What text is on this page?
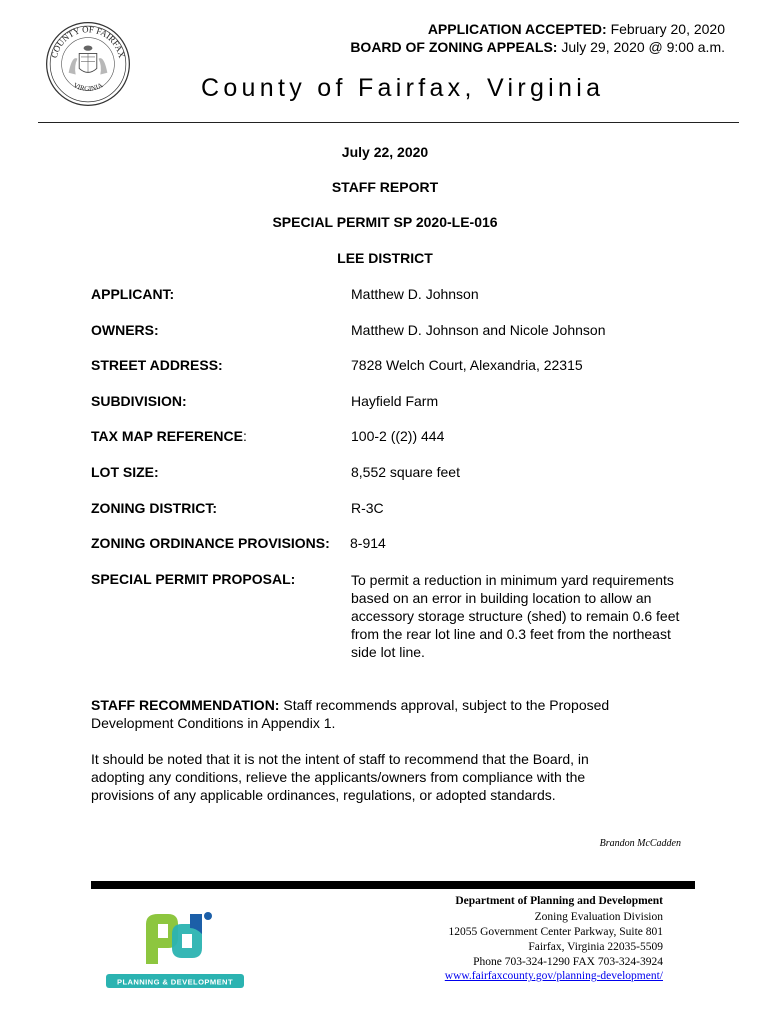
COUNTY OF FAIRFAX
VIRGINIA
APPLICATION ACCEPTED: February 20, 2020
BOARD OF ZONING APPEALS: July 29, 2020 @ 9:00 a.m.
County of Fairfax, Virginia
July 22, 2020
STAFF REPORT
SPECIAL PERMIT SP 2020-LE-016
LEE DISTRICT
APPLICANT:	Matthew D. Johnson
OWNERS:	Matthew D. Johnson and Nicole Johnson
STREET ADDRESS:	7828 Welch Court, Alexandria, 22315
SUBDIVISION:	Hayfield Farm
TAX MAP REFERENCE:	100-2 ((2)) 444
LOT SIZE:	8,552 square feet
ZONING DISTRICT:	R-3C
ZONING ORDINANCE PROVISIONS: 8-914
SPECIAL PERMIT PROPOSAL:	To permit a reduction in minimum yard requirements based on an error in building location to allow an accessory storage structure (shed) to remain 0.6 feet from the rear lot line and 0.3 feet from the northeast side lot line.
STAFF RECOMMENDATION: Staff recommends approval, subject to the Proposed Development Conditions in Appendix 1.
It should be noted that it is not the intent of staff to recommend that the Board, in adopting any conditions, relieve the applicants/owners from compliance with the provisions of any applicable ordinances, regulations, or adopted standards.
Brandon McCadden
PLANNING & DEVELOPMENT
Department of Planning and Development
Zoning Evaluation Division
12055 Government Center Parkway, Suite 801
Fairfax, Virginia 22035-5509
Phone 703-324-1290 FAX 703-324-3924
www.fairfaxcounty.gov/planning-development/
